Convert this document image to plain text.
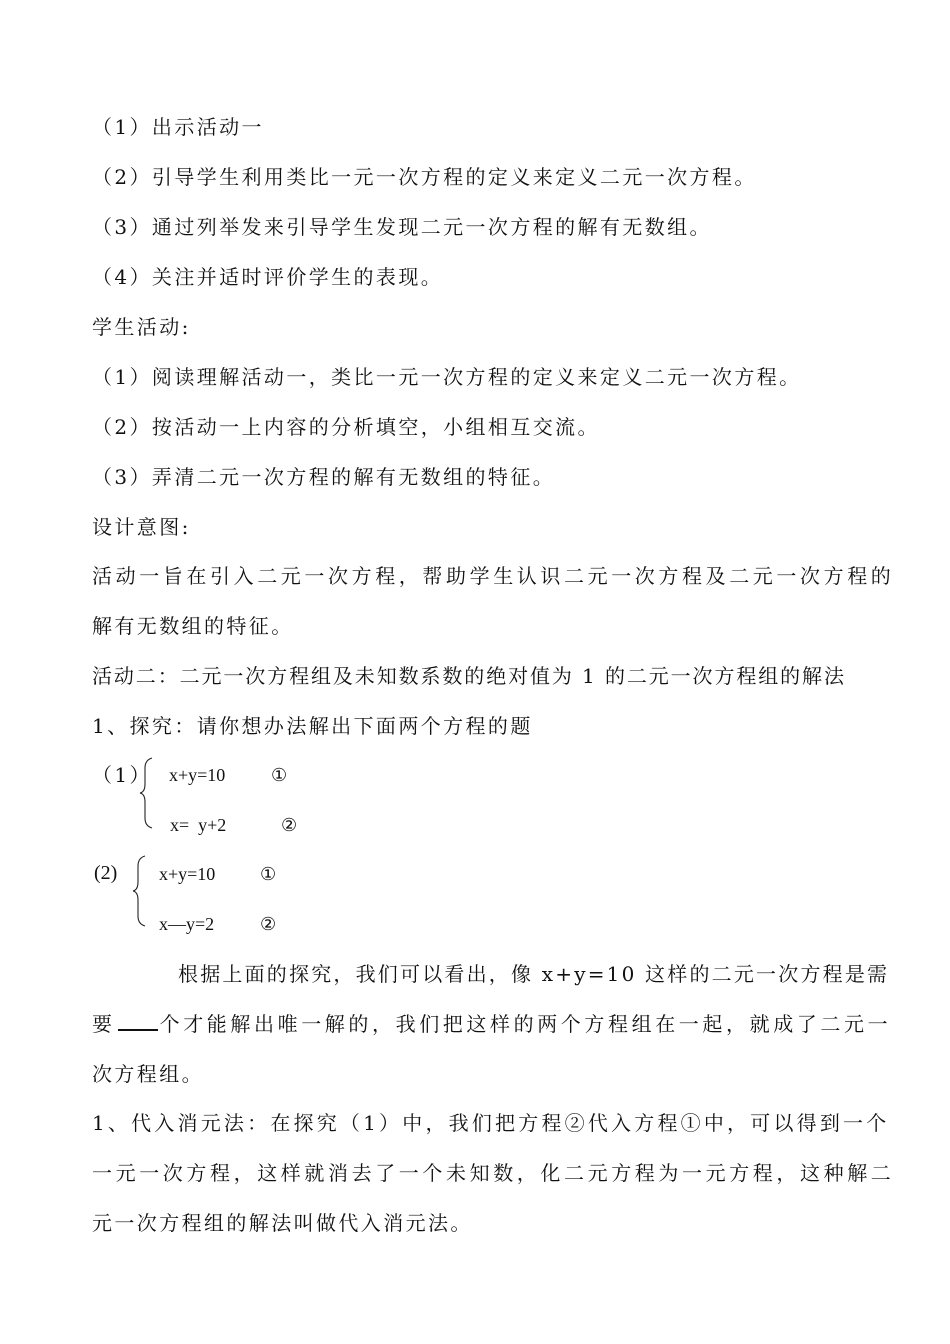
（1）出示活动一
（2）引导学生利用类比一元一次方程的定义来定义二元一次方程。
（3）通过列举发来引导学生发现二元一次方程的解有无数组。
（4）关注并适时评价学生的表现。
学生活动:
（1）阅读理解活动一，类比一元一次方程的定义来定义二元一次方程。
（2）按活动一上内容的分析填空，小组相互交流。
（3）弄清二元一次方程的解有无数组的特征。
设计意图:
活动一旨在引入二元一次方程，帮助学生认识二元一次方程及二元一次方程的
解有无数组的特征。
活动二：二元一次方程组及未知数系数的绝对值为 1 的二元一次方程组的解法
1、探究：请你想办法解出下面两个方程的题
（1） x+y=10	①
x=  y+2	②
(2) x+y=10 ①
x—y=2	②
根据上面的探究，我们可以看出，像 x+y=10 这样的二元一次方程是需
要 个才能解出唯一解的，我们把这样的两个方程组在一起，就成了二元一
次方程组。
1、代入消元法：在探究（1）中，我们把方程②代入方程①中，可以得到一个
一元一次方程，这样就消去了一个未知数，化二元方程为一元方程，这种解二
元一次方程组的解法叫做代入消元法。
